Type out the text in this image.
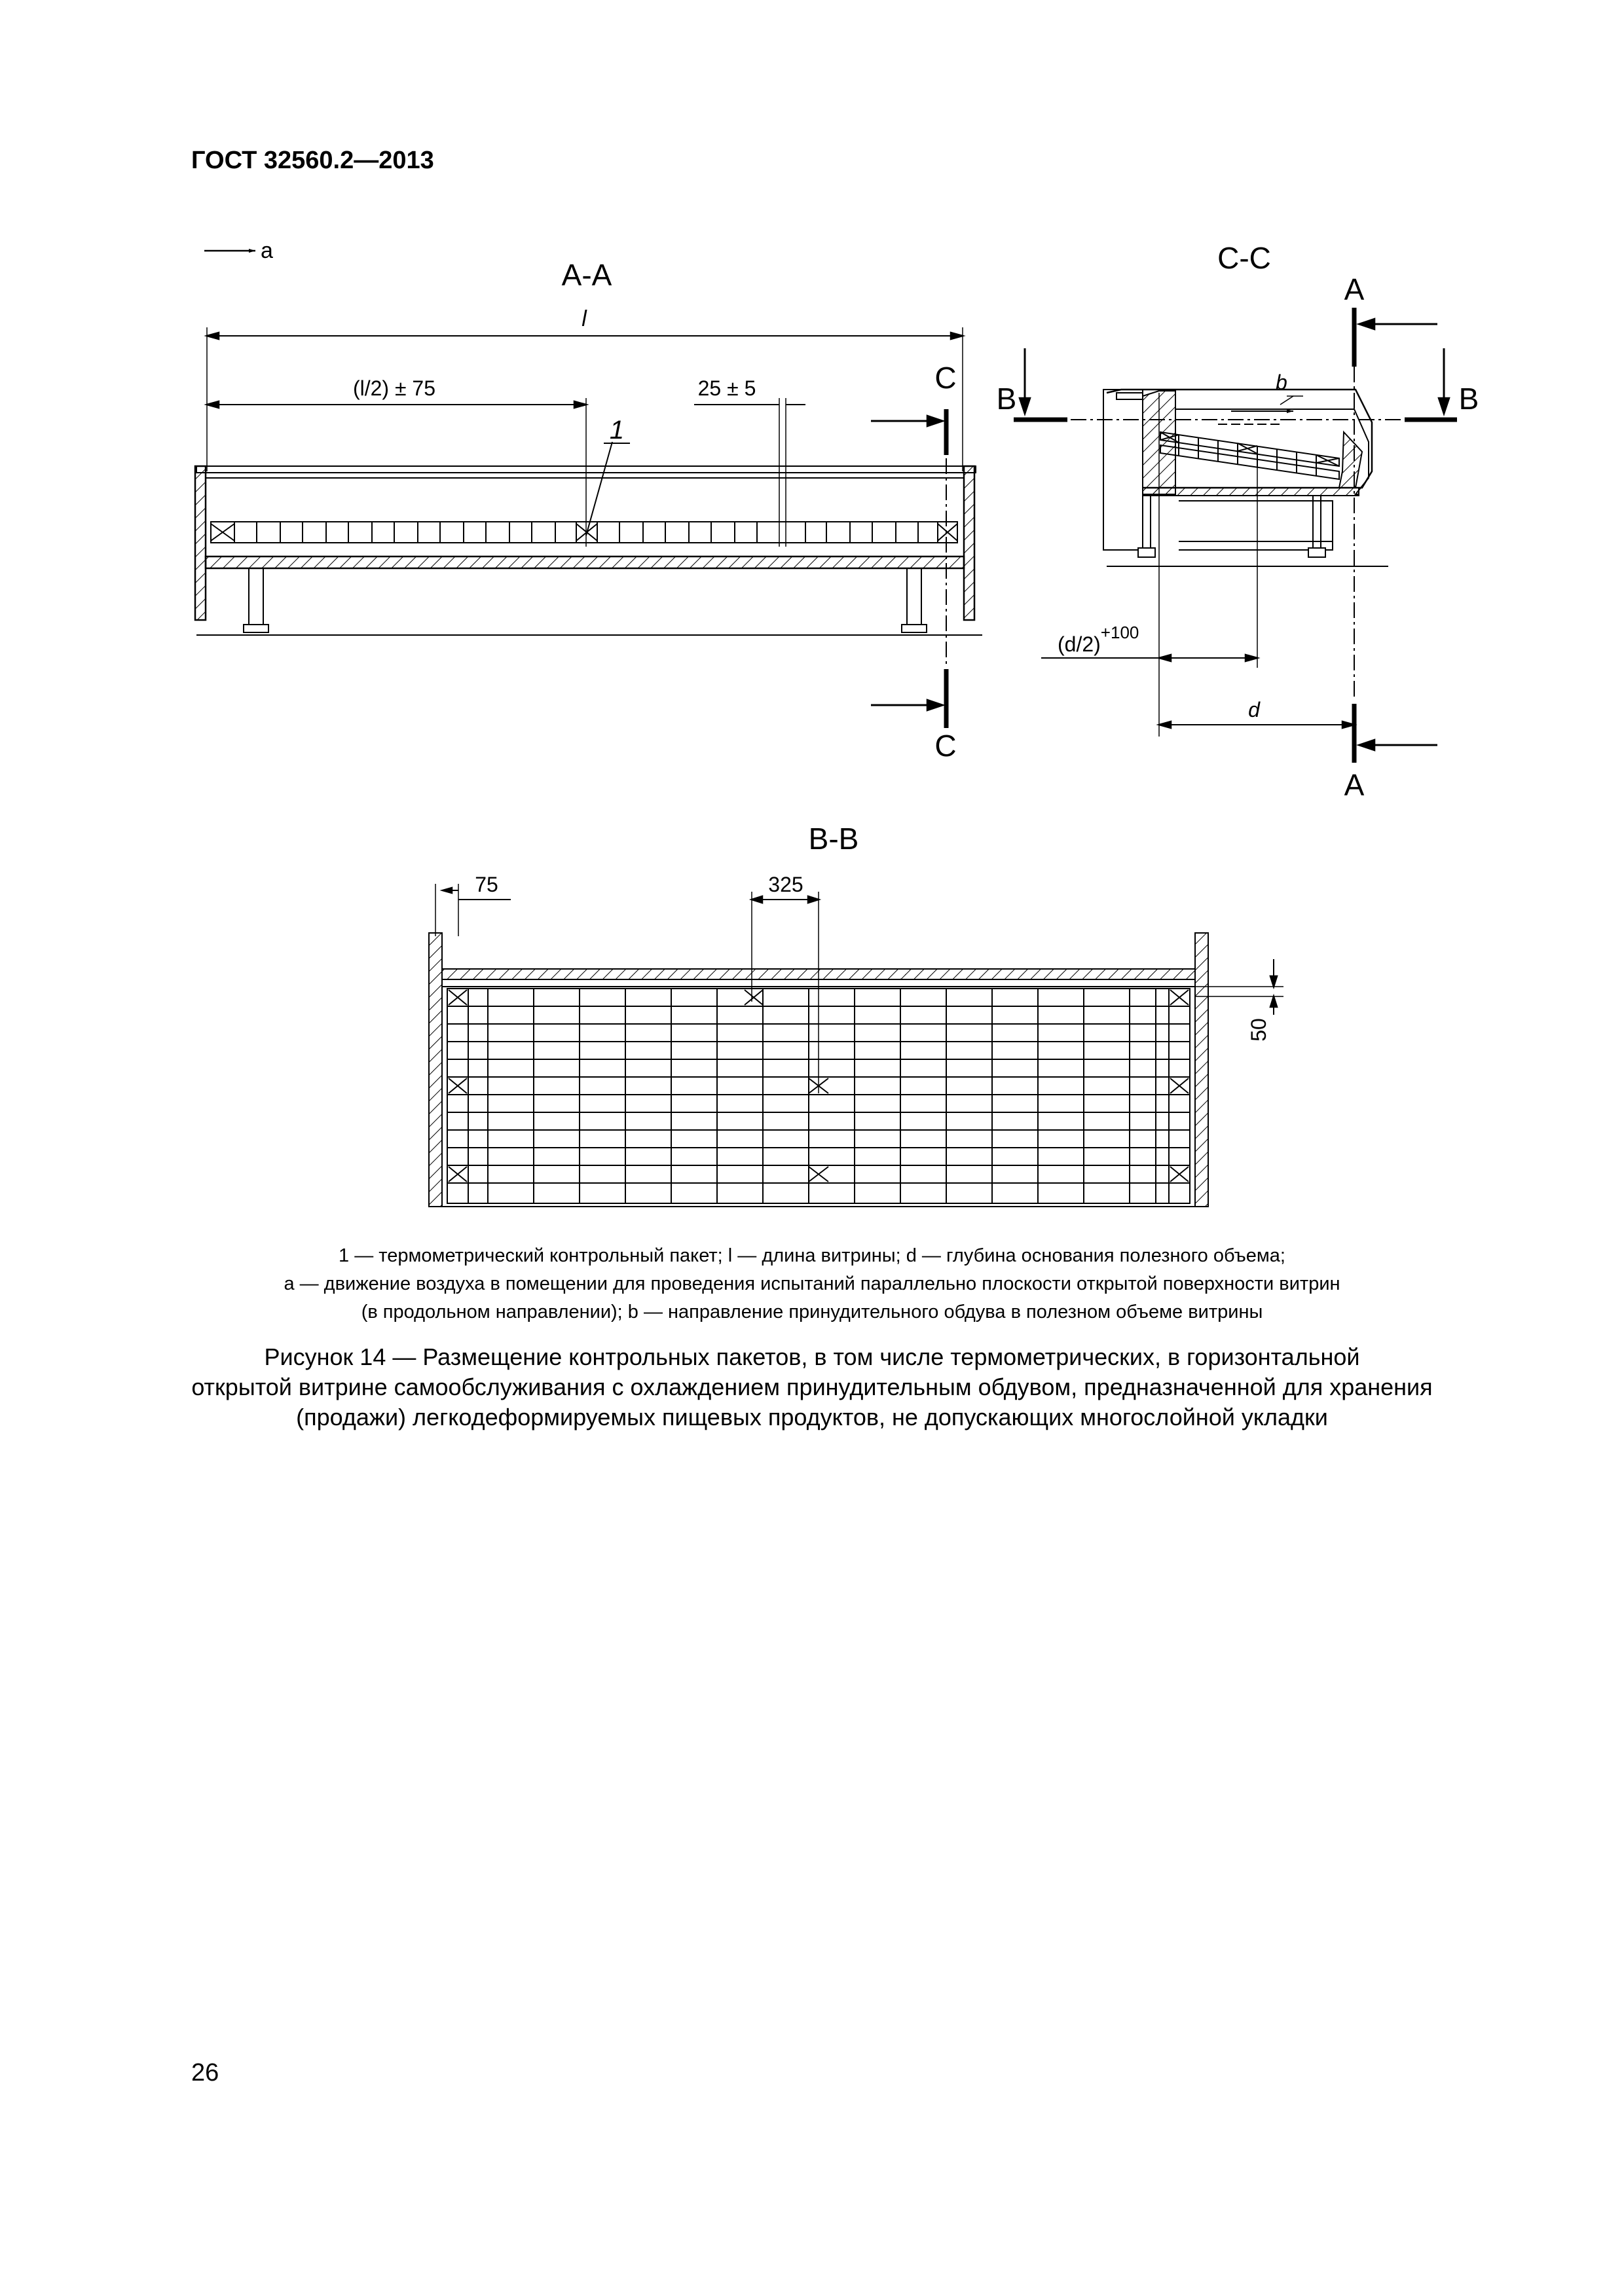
ГОСТ 32560.2—2013
а
А-А
l
(l/2) ± 75	25 ± 5
1
С
С
С-С
А
А
В	В
b
$(d/2)^{+100}$
d
В-В
75	325
50
1 — термометрический контрольный пакет; l — длина витрины; d — глубина основания полезного объема;
а — движение воздуха в помещении для проведения испытаний параллельно плоскости открытой поверхности витрин
(в продольном направлении); b — направление принудительного обдува в полезном объеме витрины
Рисунок 14 — Размещение контрольных пакетов, в том числе термометрических, в горизонтальной
открытой витрине самообслуживания с охлаждением принудительным обдувом, предназначенной для хранения
(продажи) легкодеформируемых пищевых продуктов, не допускающих многослойной укладки
26
